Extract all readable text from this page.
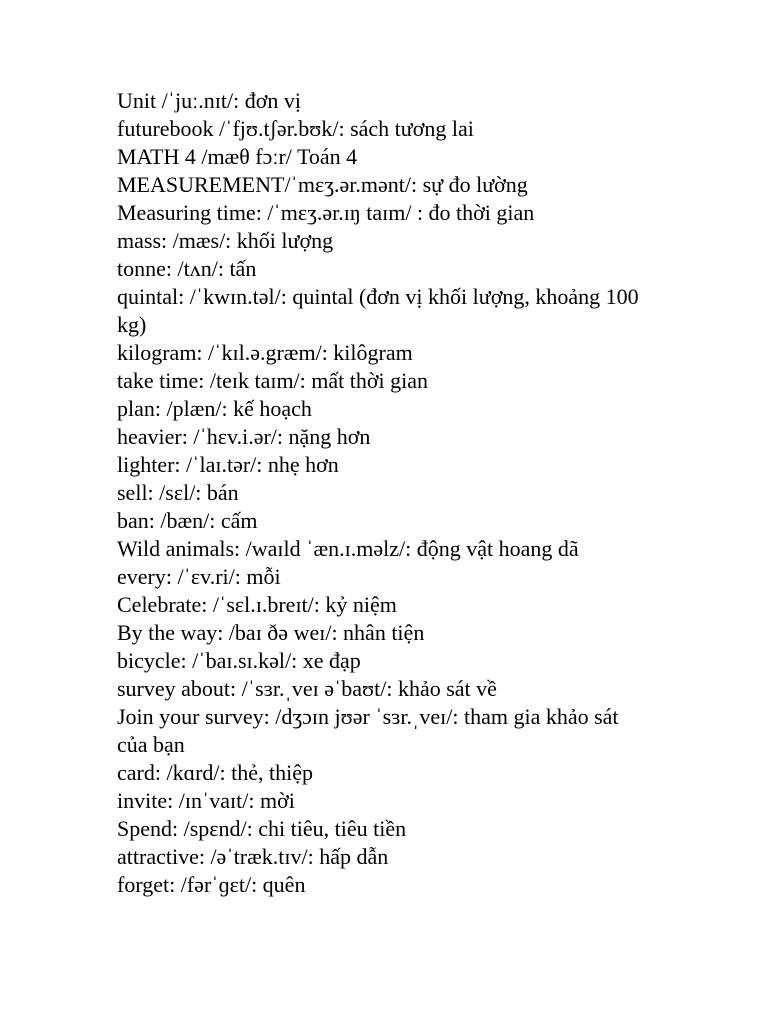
Unit /ˈjuː.nɪt/: đơn vị

futurebook /ˈfjʊ.tʃər.bʊk/: sách tương lai

MATH 4 /mæθ fɔːr/ Toán 4

MEASUREMENT/ˈmɛʒ.ər.mənt/: sự đo lường

Measuring time: /ˈmɛʒ.ər.ɪŋ taɪm/ : đo thời gian

mass: /mæs/: khối lượng

tonne: /tʌn/: tấn

quintal: /ˈkwɪn.təl/: quintal (đơn vị khối lượng, khoảng 100 kg)

kilogram: /ˈkɪl.ə.græm/: kilôgram

take time: /teɪk taɪm/: mất thời gian

plan: /plæn/: kế hoạch

heavier: /ˈhɛv.i.ər/: nặng hơn

lighter: /ˈlaɪ.tər/: nhẹ hơn

sell: /sɛl/: bán

ban: /bæn/: cấm

Wild animals: /waɪld ˈæn.ɪ.məlz/: động vật hoang dã

every: /ˈɛv.ri/: mỗi

Celebrate: /ˈsɛl.ɪ.breɪt/: kỷ niệm

By the way: /baɪ ðə weɪ/: nhân tiện

bicycle: /ˈbaɪ.sɪ.kəl/: xe đạp

survey about: /ˈsɜr.ˌveɪ əˈbaʊt/: khảo sát về

Join your survey: /dʒɔɪn jʊər ˈsɜr.ˌveɪ/: tham gia khảo sát của bạn

card: /kɑrd/: thẻ, thiệp

invite: /ɪnˈvaɪt/: mời

Spend: /spɛnd/: chi tiêu, tiêu tiền

attractive: /əˈtræk.tɪv/: hấp dẫn

forget: /fərˈɡɛt/: quên
